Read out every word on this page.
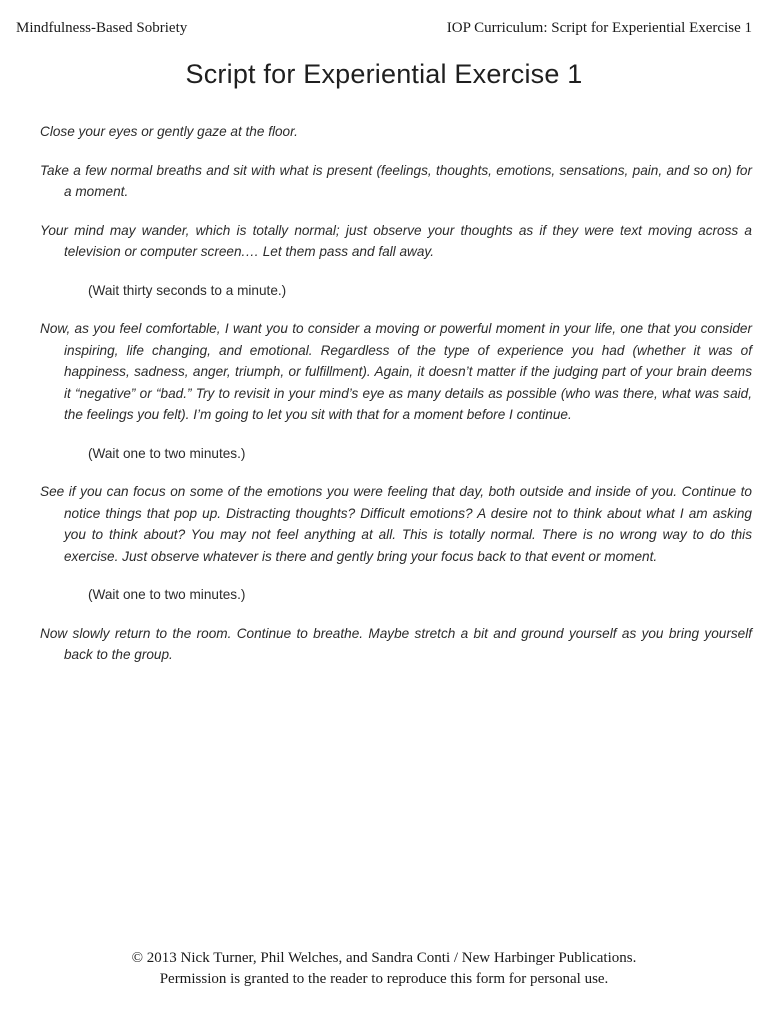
Mindfulness-Based Sobriety	IOP Curriculum: Script for Experiential Exercise 1
Script for Experiential Exercise 1

Close your eyes or gently gaze at the floor.

Take a few normal breaths and sit with what is present (feelings, thoughts, emotions, sensations, pain, and so on) for a moment.

Your mind may wander, which is totally normal; just observe your thoughts as if they were text moving across a television or computer screen.… Let them pass and fall away.

(Wait thirty seconds to a minute.)

Now, as you feel comfortable, I want you to consider a moving or powerful moment in your life, one that you consider inspiring, life changing, and emotional. Regardless of the type of experience you had (whether it was of happiness, sadness, anger, triumph, or fulfillment). Again, it doesn’t matter if the judging part of your brain deems it “negative” or “bad.” Try to revisit in your mind’s eye as many details as possible (who was there, what was said, the feelings you felt). I’m going to let you sit with that for a moment before I continue.

(Wait one to two minutes.)

See if you can focus on some of the emotions you were feeling that day, both outside and inside of you. Continue to notice things that pop up. Distracting thoughts? Difficult emotions? A desire not to think about what I am asking you to think about? You may not feel anything at all. This is totally normal. There is no wrong way to do this exercise. Just observe whatever is there and gently bring your focus back to that event or moment.

(Wait one to two minutes.)

Now slowly return to the room. Continue to breathe. Maybe stretch a bit and ground yourself as you bring yourself back to the group.

© 2013 Nick Turner, Phil Welches, and Sandra Conti / New Harbinger Publications.
Permission is granted to the reader to reproduce this form for personal use.
